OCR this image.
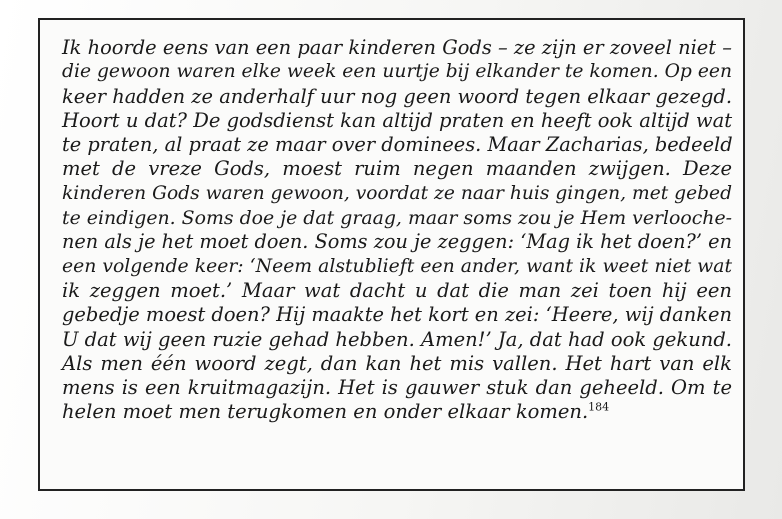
Ik hoorde eens van een paar kinderen Gods – ze zijn er zoveel niet –
die gewoon waren elke week een uurtje bij elkander te komen. Op een
keer hadden ze anderhalf uur nog geen woord tegen elkaar gezegd.
Hoort u dat? De godsdienst kan altijd praten en heeft ook altijd wat
te praten, al praat ze maar over dominees. Maar Zacharias, bedeeld
met de vreze Gods, moest ruim negen maanden zwijgen. Deze
kinderen Gods waren gewoon, voordat ze naar huis gingen, met gebed
te eindigen. Soms doe je dat graag, maar soms zou je Hem verlooche-
nen als je het moet doen. Soms zou je zeggen: ‘Mag ik het doen?’ en
een volgende keer: ‘Neem alstublieft een ander, want ik weet niet wat
ik zeggen moet.’ Maar wat dacht u dat die man zei toen hij een
gebedje moest doen? Hij maakte het kort en zei: ‘Heere, wij danken
U dat wij geen ruzie gehad hebben. Amen!’ Ja, dat had ook gekund.
Als men één woord zegt, dan kan het mis vallen. Het hart van elk
mens is een kruitmagazijn. Het is gauwer stuk dan geheeld. Om te
helen moet men terugkomen en onder elkaar komen.$^{184}$
